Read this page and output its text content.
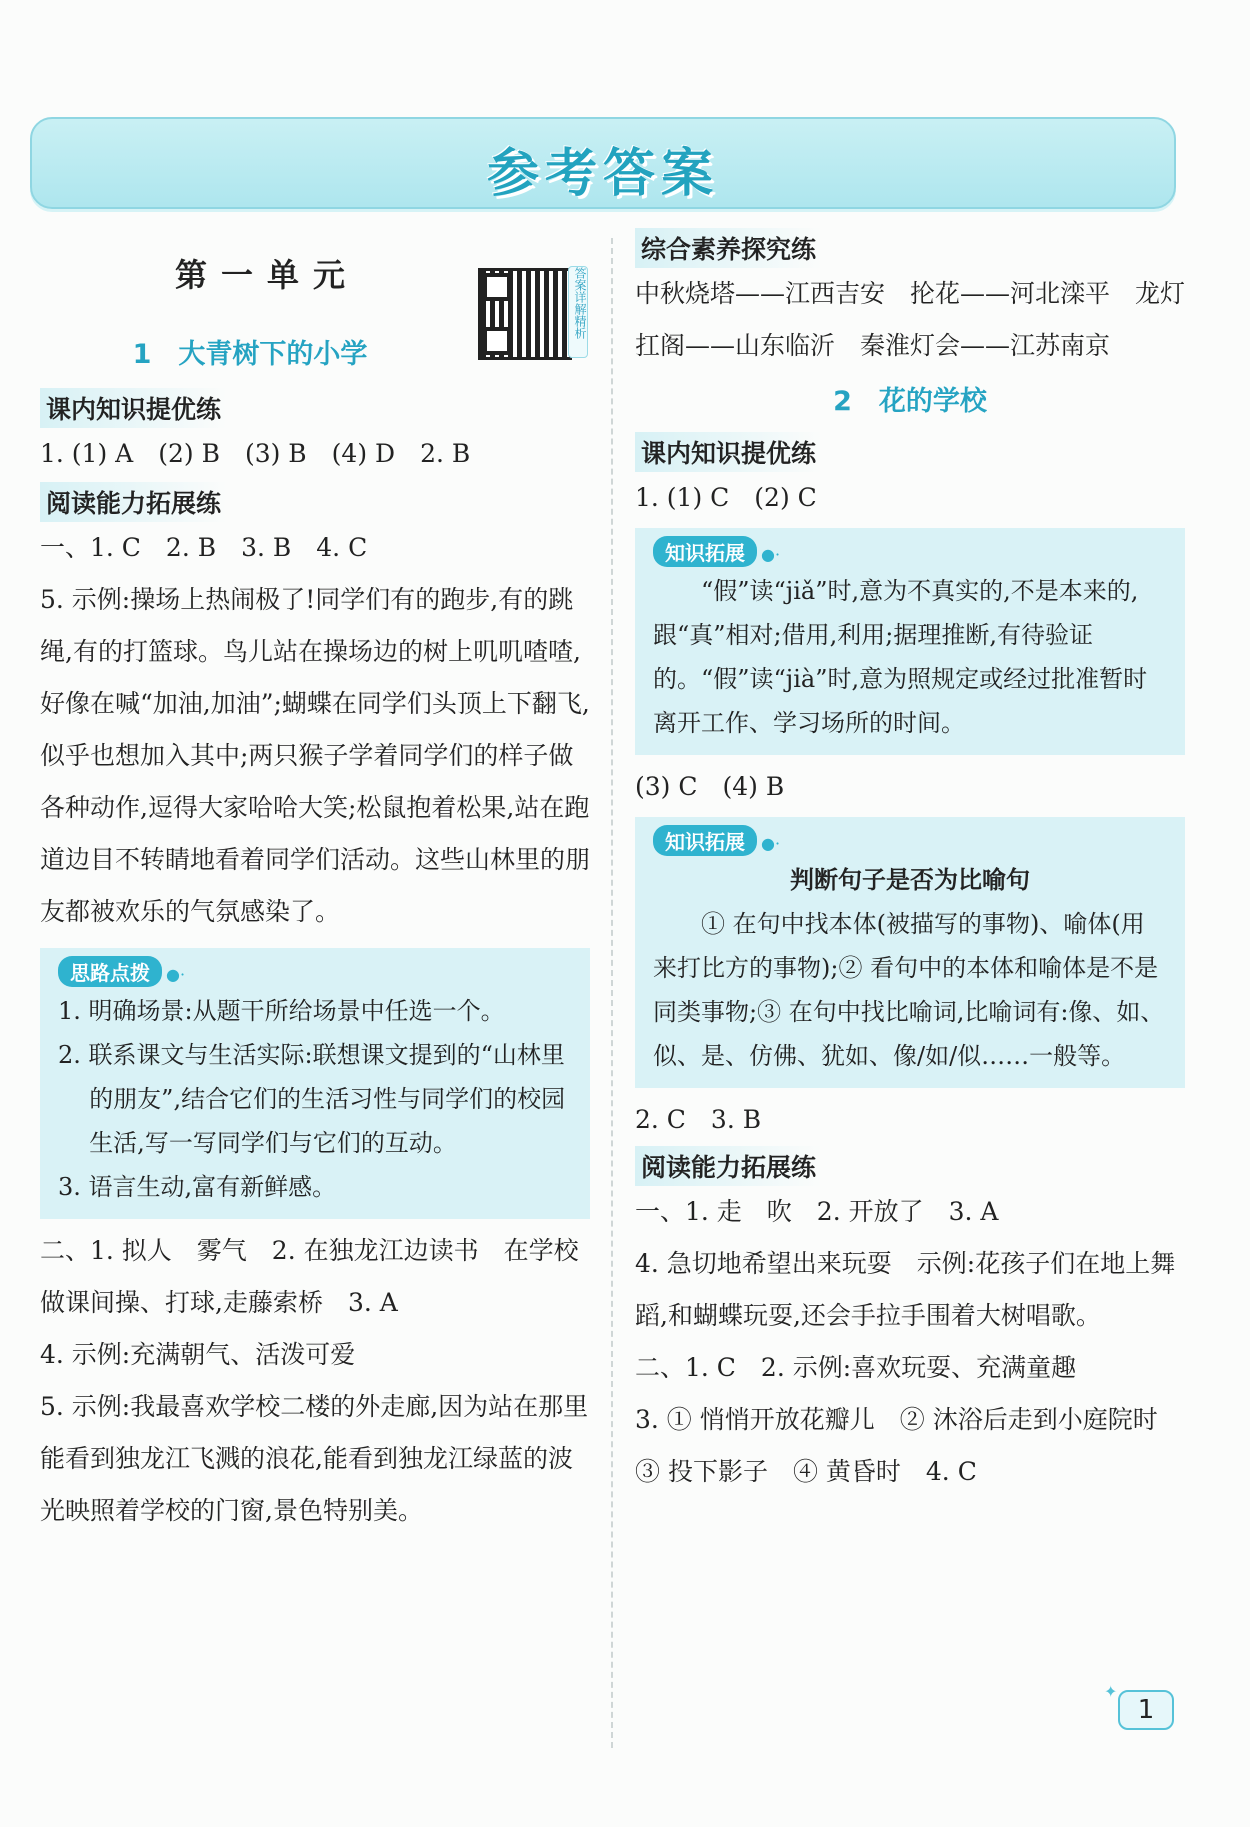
参考答案
第一单元	答案详解精析
1　大青树下的小学
课内知识提优练
1. (1) A　(2) B　(3) B　(4) D　2. B
阅读能力拓展练
一、1. C　2. B　3. B　4. C
5. 示例:操场上热闹极了!同学们有的跑步,有的跳绳,有的打篮球。鸟儿站在操场边的树上叽叽喳喳,好像在喊“加油,加油”;蝴蝶在同学们头顶上下翻飞,似乎也想加入其中;两只猴子学着同学们的样子做各种动作,逗得大家哈哈大笑;松鼠抱着松果,站在跑道边目不转睛地看着同学们活动。这些山林里的朋友都被欢乐的气氛感染了。
思路点拨 ●·
1. 明确场景:从题干所给场景中任选一个。
2. 联系课文与生活实际:联想课文提到的“山林里的朋友”,结合它们的生活习性与同学们的校园生活,写一写同学们与它们的互动。
3. 语言生动,富有新鲜感。
二、1. 拟人　雾气　2. 在独龙江边读书　在学校做课间操、打球,走藤索桥　3. A
4. 示例:充满朝气、活泼可爱
5. 示例:我最喜欢学校二楼的外走廊,因为站在那里能看到独龙江飞溅的浪花,能看到独龙江绿蓝的波光映照着学校的门窗,景色特别美。
综合素养探究练
中秋烧塔——江西吉安　抡花——河北滦平　龙灯扛阁——山东临沂　秦淮灯会——江苏南京
2　花的学校
课内知识提优练
1. (1) C　(2) C
知识拓展 ●·
“假”读“jiǎ”时,意为不真实的,不是本来的,跟“真”相对;借用,利用;据理推断,有待验证的。“假”读“jià”时,意为照规定或经过批准暂时离开工作、学习场所的时间。
(3) C　(4) B
知识拓展 ●·
判断句子是否为比喻句
① 在句中找本体(被描写的事物)、喻体(用来打比方的事物);② 看句中的本体和喻体是不是同类事物;③ 在句中找比喻词,比喻词有:像、如、似、是、仿佛、犹如、像/如/似……一般等。
2. C　3. B
阅读能力拓展练
一、1. 走　吹　2. 开放了　3. A
4. 急切地希望出来玩耍　示例:花孩子们在地上舞蹈,和蝴蝶玩耍,还会手拉手围着大树唱歌。
二、1. C　2. 示例:喜欢玩耍、充满童趣
3. ① 悄悄开放花瓣儿　② 沐浴后走到小庭院时　③ 投下影子　④ 黄昏时　4. C
✦
1
